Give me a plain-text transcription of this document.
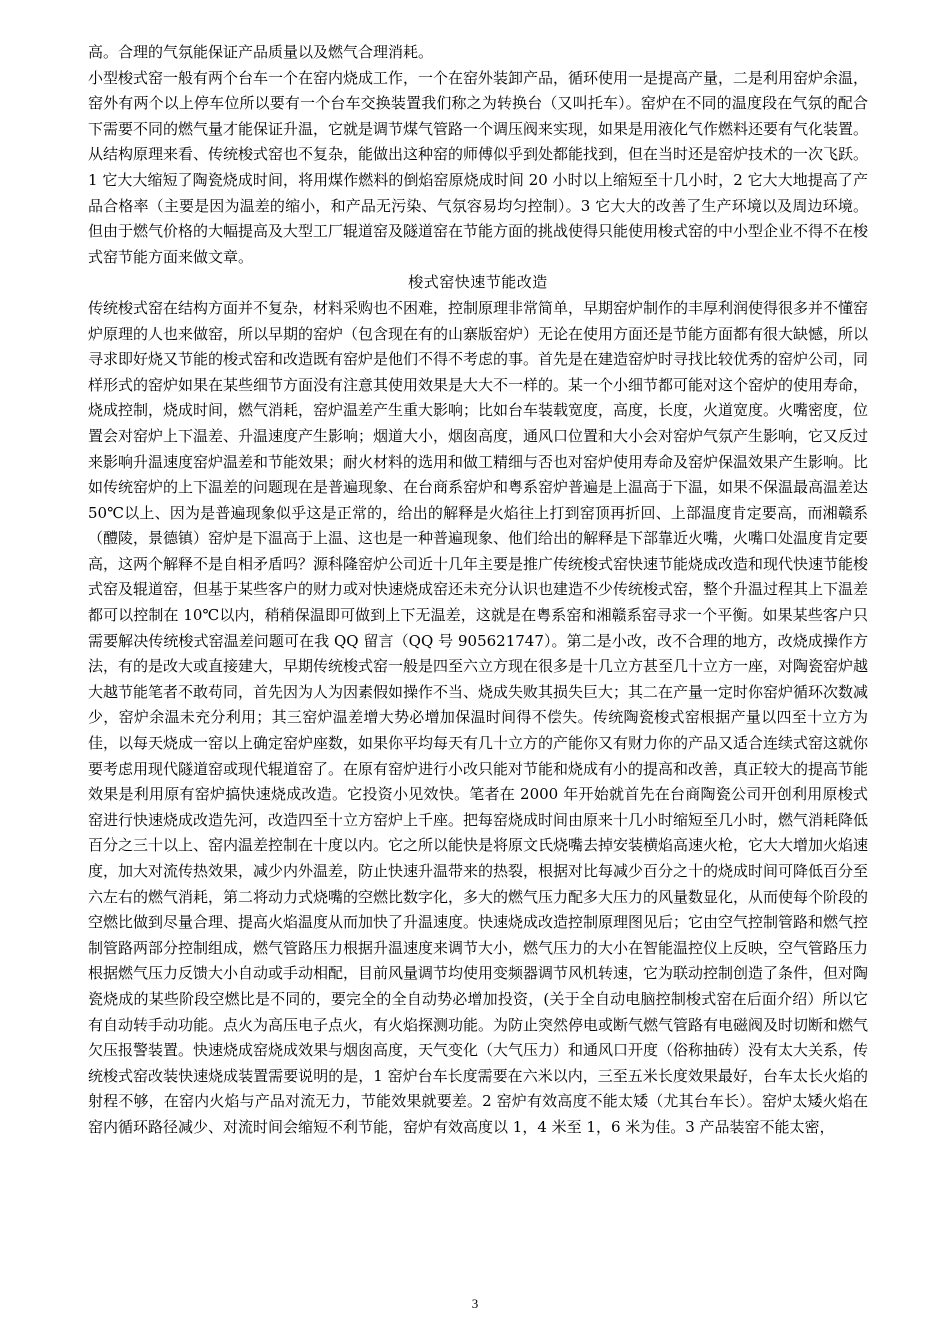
高。合理的气氛能保证产品质量以及燃气合理消耗。

小型梭式窑一般有两个台车一个在窑内烧成工作，一个在窑外装卸产品，循环使用一是提高产量，二是利用窑炉余温，窑外有两个以上停车位所以要有一个台车交换装置我们称之为转换台（又叫托车）。窑炉在不同的温度段在气氛的配合下需要不同的燃气量才能保证升温，它就是调节煤气管路一个调压阀来实现，如果是用液化气作燃料还要有气化装置。从结构原理来看、传统梭式窑也不复杂，能做出这种窑的师傅似乎到处都能找到，但在当时还是窑炉技术的一次飞跃。1 它大大缩短了陶瓷烧成时间，将用煤作燃料的倒焰窑原烧成时间 20 小时以上缩短至十几小时，2 它大大地提高了产品合格率（主要是因为温差的缩小，和产品无污染、气氛容易均匀控制）。3 它大大的改善了生产环境以及周边环境。但由于燃气价格的大幅提高及大型工厂辊道窑及隧道窑在节能方面的挑战使得只能使用梭式窑的中小型企业不得不在梭式窑节能方面来做文章。

梭式窑快速节能改造

传统梭式窑在结构方面并不复杂，材料采购也不困难，控制原理非常简单，早期窑炉制作的丰厚利润使得很多并不懂窑炉原理的人也来做窑，所以早期的窑炉（包含现在有的山寨版窑炉）无论在使用方面还是节能方面都有很大缺憾，所以寻求即好烧又节能的梭式窑和改造既有窑炉是他们不得不考虑的事。首先是在建造窑炉时寻找比较优秀的窑炉公司，同样形式的窑炉如果在某些细节方面没有注意其使用效果是大大不一样的。某一个小细节都可能对这个窑炉的使用寿命，烧成控制，烧成时间，燃气消耗，窑炉温差产生重大影响；比如台车装载宽度，高度，长度，火道宽度。火嘴密度，位置会对窑炉上下温差、升温速度产生影响；烟道大小，烟囱高度，通风口位置和大小会对窑炉气氛产生影响，它又反过来影响升温速度窑炉温差和节能效果；耐火材料的选用和做工精细与否也对窑炉使用寿命及窑炉保温效果产生影响。比如传统窑炉的上下温差的问题现在是普遍现象、在台商系窑炉和粤系窑炉普遍是上温高于下温，如果不保温最高温差达 50℃以上、因为是普遍现象似乎这是正常的，给出的解释是火焰往上打到窑顶再折回、上部温度肯定要高，而湘赣系（醴陵，景德镇）窑炉是下温高于上温、这也是一种普遍现象、他们给出的解释是下部靠近火嘴，火嘴口处温度肯定要高，这两个解释不是自相矛盾吗？源科隆窑炉公司近十几年主要是推广传统梭式窑快速节能烧成改造和现代快速节能梭式窑及辊道窑，但基于某些客户的财力或对快速烧成窑还未充分认识也建造不少传统梭式窑，整个升温过程其上下温差都可以控制在 10℃以内，稍稍保温即可做到上下无温差，这就是在粤系窑和湘赣系窑寻求一个平衡。如果某些客户只需要解决传统梭式窑温差问题可在我 QQ 留言（QQ 号 905621747）。第二是小改，改不合理的地方，改烧成操作方法，有的是改大或直接建大，早期传统梭式窑一般是四至六立方现在很多是十几立方甚至几十立方一座，对陶瓷窑炉越大越节能笔者不敢苟同，首先因为人为因素假如操作不当、烧成失败其损失巨大；其二在产量一定时你窑炉循环次数减少，窑炉余温未充分利用；其三窑炉温差增大势必增加保温时间得不偿失。传统陶瓷梭式窑根据产量以四至十立方为佳，以每天烧成一窑以上确定窑炉座数，如果你平均每天有几十立方的产能你又有财力你的产品又适合连续式窑这就你要考虑用现代隧道窑或现代辊道窑了。在原有窑炉进行小改只能对节能和烧成有小的提高和改善，真正较大的提高节能效果是利用原有窑炉搞快速烧成改造。它投资小见效快。笔者在 2000 年开始就首先在台商陶瓷公司开创利用原梭式窑进行快速烧成改造先河，改造四至十立方窑炉上千座。把每窑烧成时间由原来十几小时缩短至几小时，燃气消耗降低百分之三十以上、窑内温差控制在十度以内。它之所以能快是将原文氏烧嘴去掉安装横焰高速火枪，它大大增加火焰速度，加大对流传热效果，减少内外温差，防止快速升温带来的热裂，根据对比每减少百分之十的烧成时间可降低百分至六左右的燃气消耗，第二将动力式烧嘴的空燃比数字化，多大的燃气压力配多大压力的风量数显化，从而使每个阶段的空燃比做到尽量合理、提高火焰温度从而加快了升温速度。快速烧成改造控制原理图见后；它由空气控制管路和燃气控制管路两部分控制组成，燃气管路压力根据升温速度来调节大小，燃气压力的大小在智能温控仪上反映，空气管路压力根据燃气压力反馈大小自动或手动相配，目前风量调节均使用变频器调节风机转速，它为联动控制创造了条件，但对陶瓷烧成的某些阶段空燃比是不同的，要完全的全自动势必增加投资，(关于全自动电脑控制梭式窑在后面介绍）所以它有自动转手动功能。点火为高压电子点火，有火焰探测功能。为防止突然停电或断气燃气管路有电磁阀及时切断和燃气欠压报警装置。快速烧成窑烧成效果与烟囱高度，天气变化（大气压力）和通风口开度（俗称抽砖）没有太大关系，传统梭式窑改装快速烧成装置需要说明的是，1 窑炉台车长度需要在六米以内，三至五米长度效果最好，台车太长火焰的射程不够，在窑内火焰与产品对流无力，节能效果就要差。2 窑炉有效高度不能太矮（尤其台车长）。窑炉太矮火焰在窑内循环路径减少、对流时间会缩短不利节能，窑炉有效高度以 1，4 米至 1，6 米为佳。3 产品装窑不能太密，

3
